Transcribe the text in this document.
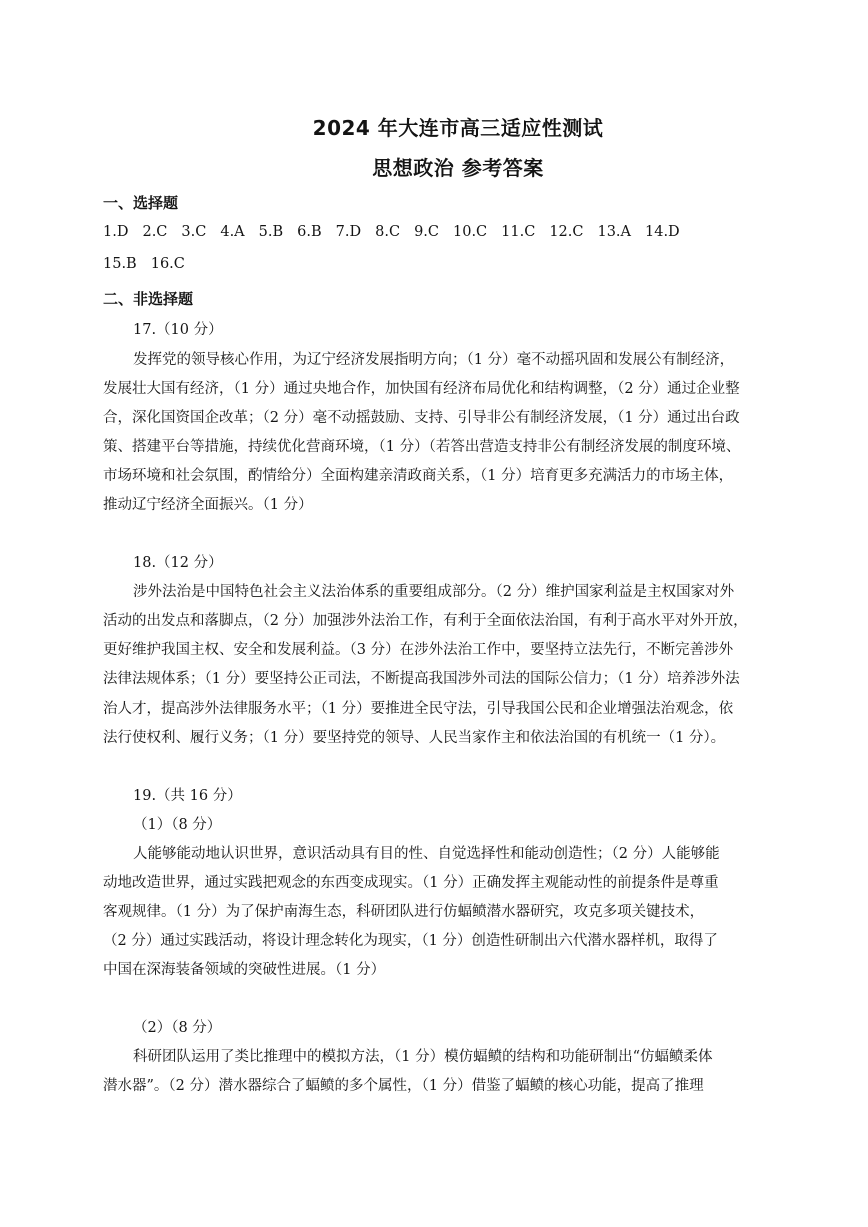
2024 年大连市高三适应性测试
思想政治 参考答案
一、选择题
1.D 2.C 3.C 4.A 5.B 6.B 7.D 8.C 9.C 10.C 11.C 12.C 13.A 14.D
15.B 16.C
二、非选择题
17.（10 分）
发挥党的领导核心作用，为辽宁经济发展指明方向；（1 分）毫不动摇巩固和发展公有制经济，
发展壮大国有经济，（1 分）通过央地合作，加快国有经济布局优化和结构调整，（2 分）通过企业整
合，深化国资国企改革；（2 分）毫不动摇鼓励、支持、引导非公有制经济发展，（1 分）通过出台政
策、搭建平台等措施，持续优化营商环境，（1 分）（若答出营造支持非公有制经济发展的制度环境、
市场环境和社会氛围，酌情给分）全面构建亲清政商关系，（1 分）培育更多充满活力的市场主体，
推动辽宁经济全面振兴。（1 分）
18.（12 分）
涉外法治是中国特色社会主义法治体系的重要组成部分。（2 分）维护国家利益是主权国家对外
活动的出发点和落脚点，（2 分）加强涉外法治工作，有利于全面依法治国，有利于高水平对外开放，
更好维护我国主权、安全和发展利益。（3 分）在涉外法治工作中，要坚持立法先行，不断完善涉外
法律法规体系；（1 分）要坚持公正司法，不断提高我国涉外司法的国际公信力；（1 分）培养涉外法
治人才，提高涉外法律服务水平；（1 分）要推进全民守法，引导我国公民和企业增强法治观念，依
法行使权利、履行义务；（1 分）要坚持党的领导、人民当家作主和依法治国的有机统一（1 分）。
19.（共 16 分）
（1）（8 分）
人能够能动地认识世界，意识活动具有目的性、自觉选择性和能动创造性；（2 分）人能够能
动地改造世界，通过实践把观念的东西变成现实。（1 分）正确发挥主观能动性的前提条件是尊重
客观规律。（1 分）为了保护南海生态，科研团队进行仿蝠鲼潜水器研究，攻克多项关键技术，
（2 分）通过实践活动，将设计理念转化为现实，（1 分）创造性研制出六代潜水器样机，取得了
中国在深海装备领域的突破性进展。（1 分）
（2）（8 分）
科研团队运用了类比推理中的模拟方法，（1 分）模仿蝠鲼的结构和功能研制出“仿蝠鲼柔体
潜水器”。（2 分）潜水器综合了蝠鲼的多个属性，（1 分）借鉴了蝠鲼的核心功能，提高了推理
